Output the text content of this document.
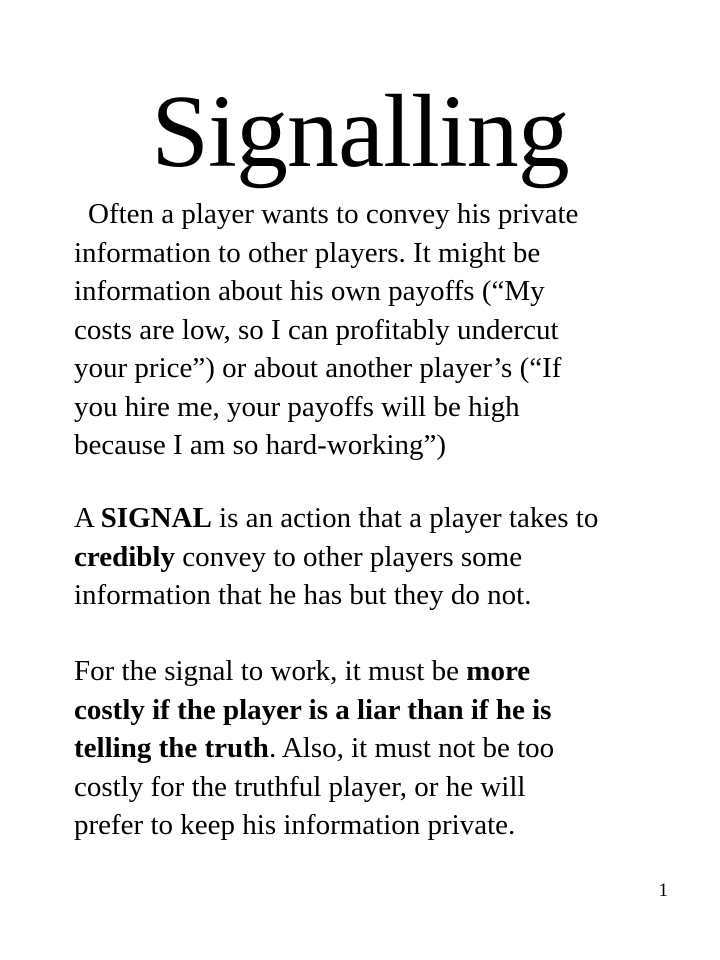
Signalling

Often a player wants to convey his private
information to other players. It might be
information about his own payoffs (“My
costs are low, so I can profitably undercut
your price”) or about another player’s (“If
you hire me, your payoffs will be high
because I am so hard-working”)

A SIGNAL is an action that a player takes to
credibly convey to other players some
information that he has but they do not.

For the signal to work, it must be more
costly if the player is a liar than if he is
telling the truth. Also, it must not be too
costly for the truthful player, or he will
prefer to keep his information private.

1
